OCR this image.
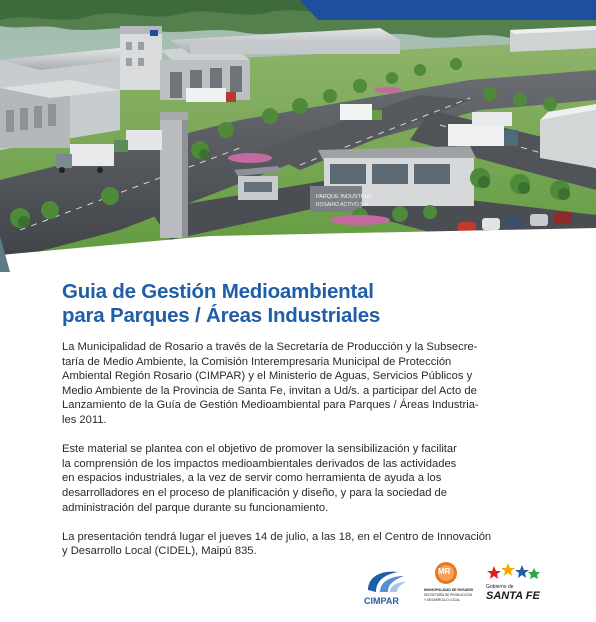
PARQUE INDUSTRIAL
ROSARIO ACTIVO S.A.
Guia de Gestión Medioambiental
para Parques / Áreas Industriales

La Municipalidad de Rosario a través de la Secretaría de Producción y la Subsecre-
taría de Medio Ambiente, la Comisión Interempresaria Municipal de Protección
Ambiental Región Rosario (CIMPAR) y el Ministerio de Aguas, Servicios Públicos y
Medio Ambiente de la Provincia de Santa Fe, invitan a Ud/s. a participar del Acto de
Lanzamiento de la Guía de Gestión Medioambiental para Parques / Áreas Industria-
les 2011.

Este material se plantea con el objetivo de promover la sensibilización y facilitar
la comprensión de los impactos medioambientales derivados de las actividades
en espacios industriales, a la vez de servir como herramienta de ayuda a los
desarrolladores en el proceso de planificación y diseño, y para la sociedad de
administración del parque durante su funcionamiento.

La presentación tendrá lugar el jueves 14 de julio, a las 18, en el Centro de Innovación
y Desarrollo Local (CIDEL), Maipú 835.

CIMPAR
MR
MUNICIPALIDAD DE ROSARIO
SECRETARÍA DE PRODUCCIÓN
Y DESARROLLO LOCAL
Gobierno de
SANTA FE
